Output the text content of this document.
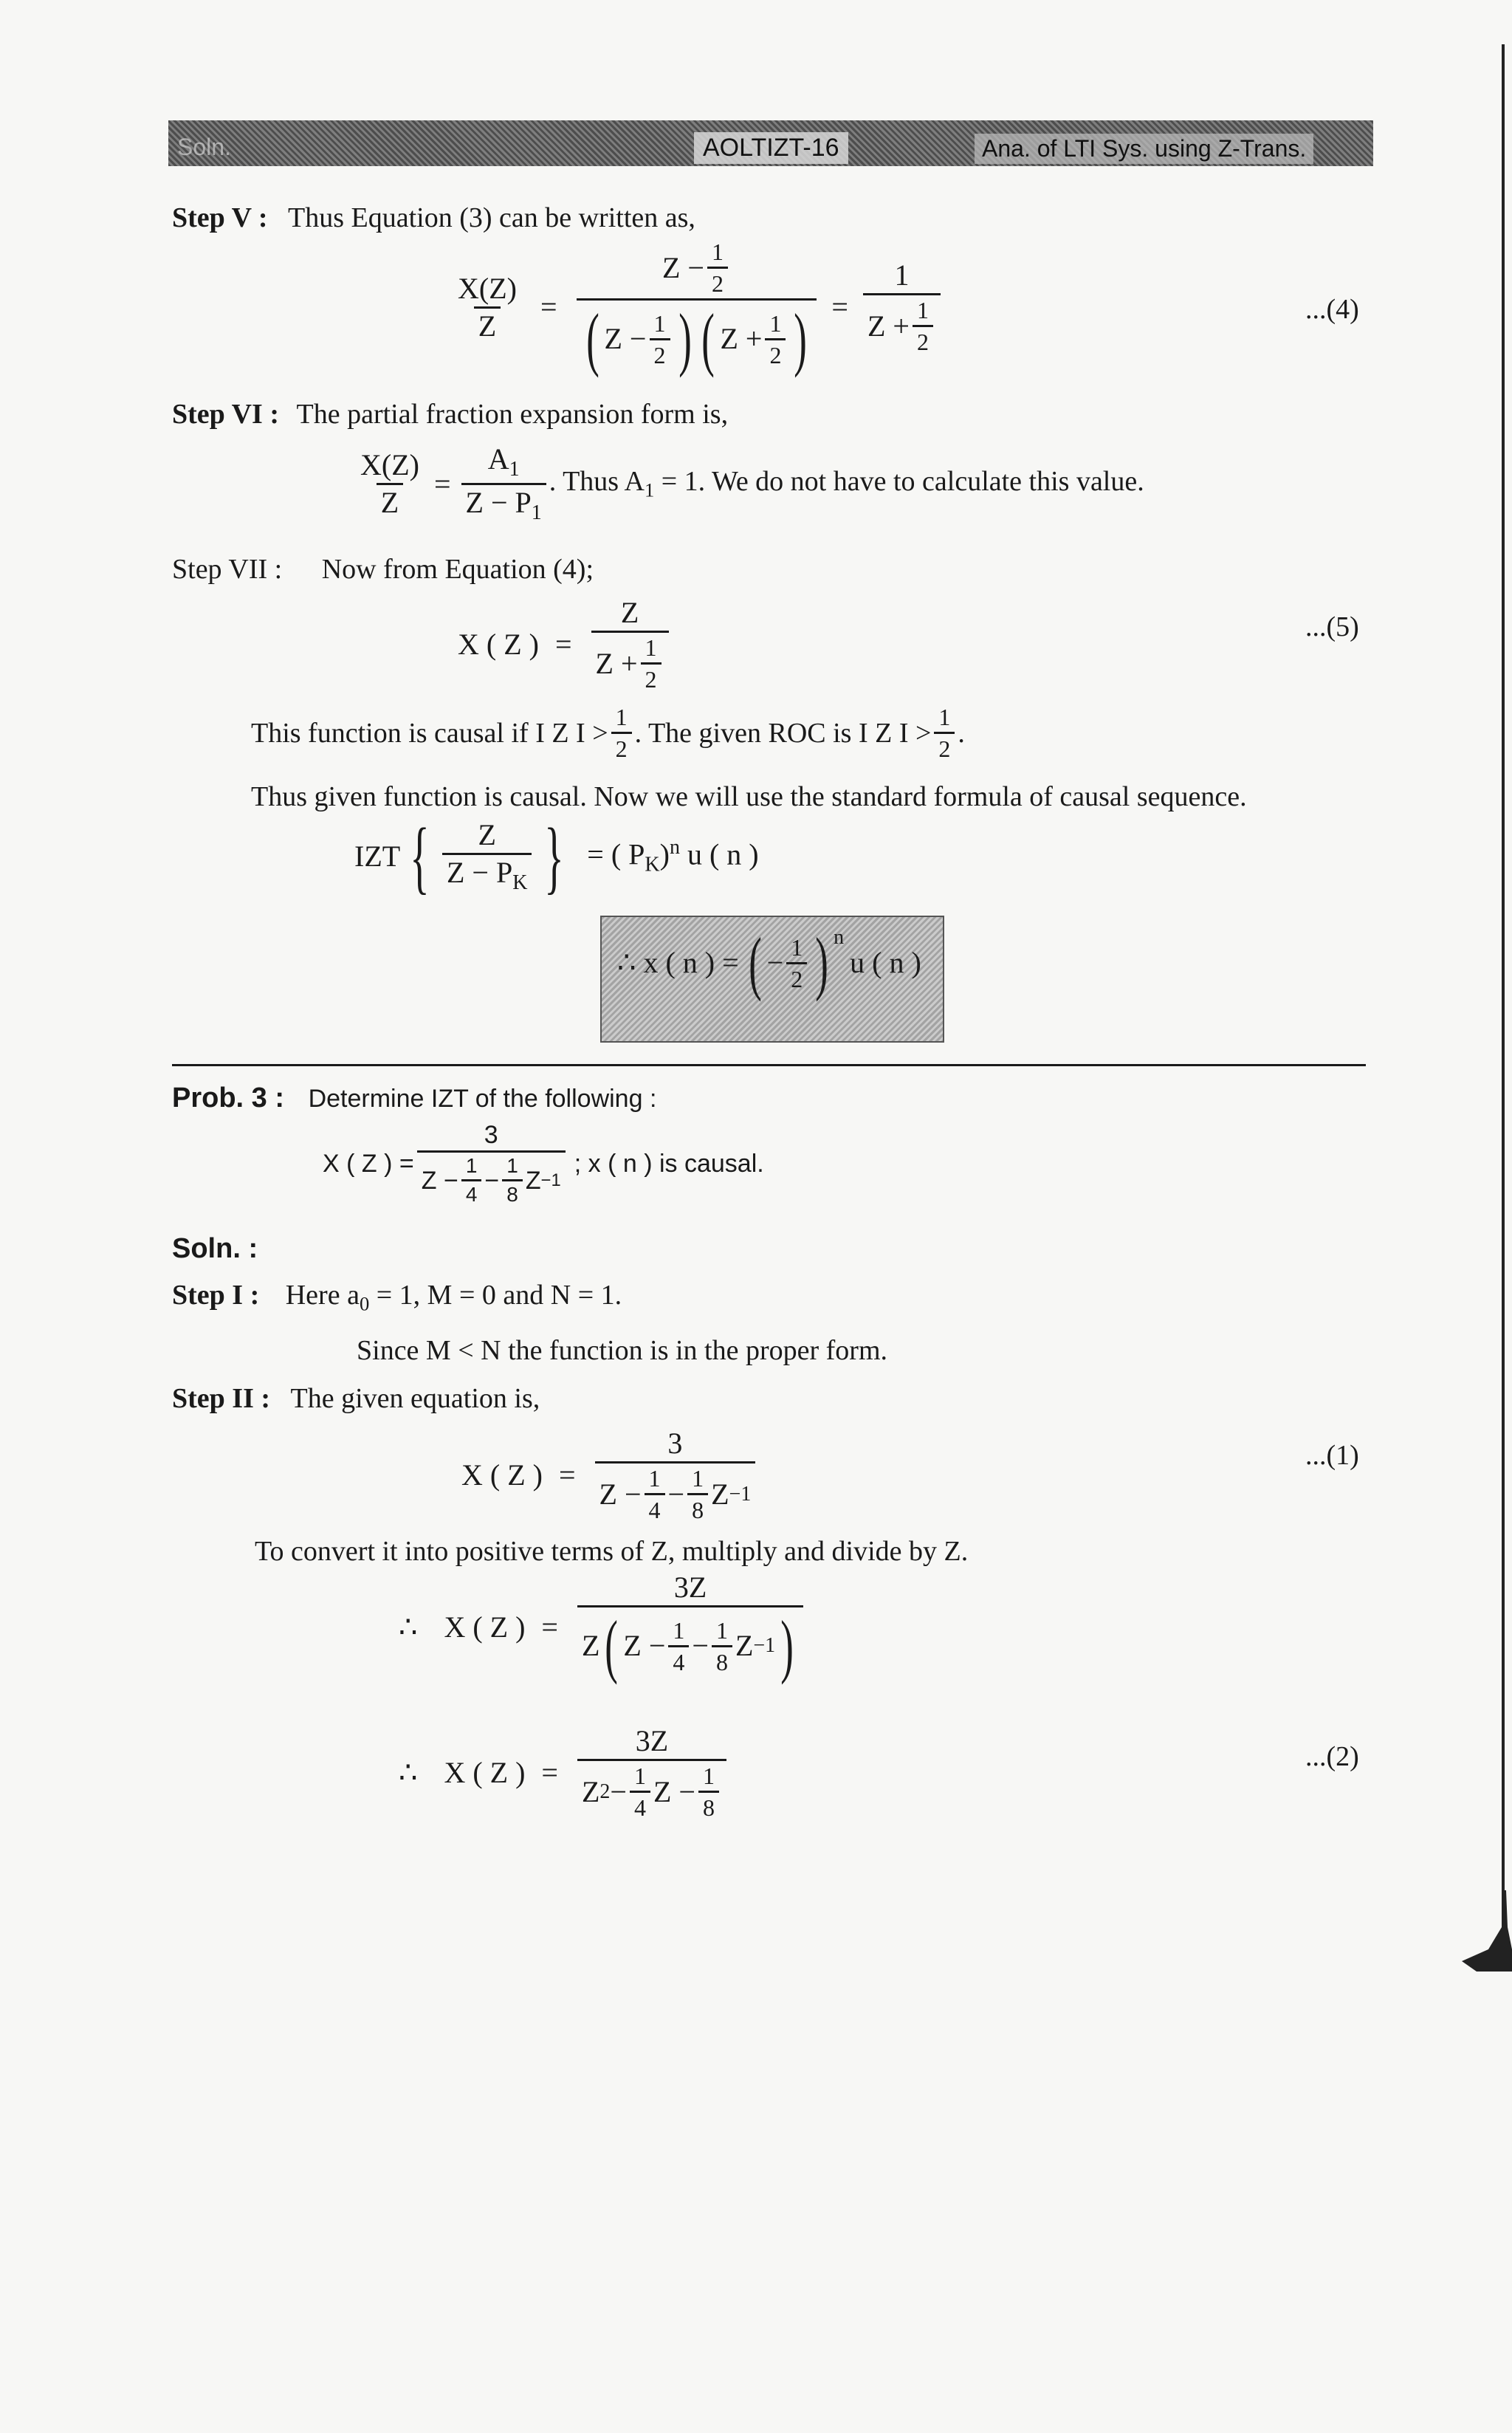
Soln.	AOLTIZT-16	Ana. of LTI Sys. using Z-Trans.
Step V : Thus Equation (3) can be written as,
$\frac{X(Z)}{Z}$ =
$Z - \frac{1}{2}$
( $Z - \frac{1}{2}$ ) ( $Z + \frac{1}{2}$ ) = $\frac{1}{Z + \frac{1}{2}}$	...(4)
Step VI : The partial fraction expansion form is,
$\frac{X(Z)}{Z} = \frac{A_1}{Z - P_1}$ . Thus $A_1 = 1$. We do not have to calculate this value.
Step VII : Now from Equation (4);
X ( Z ) = $\frac{Z}{Z + \frac{1}{2}}$	...(5)
This function is causal if I Z $I > \frac{1}{2}$ . The given ROC is I Z $I > \frac{1}{2}$ .
Thus given function is causal. Now we will use the standard formula of causal sequence.
IZT { $\frac{Z}{Z - P_K}$ } = ( $P_K)^n$ u ( n )
∴ x ( n ) = ( − $\frac{1}{2}$ ) $^n$
u ( n )
Prob. 3 : Determine IZT of the following :
X ( Z ) = $\frac{3}{Z - \frac{1}{4} - \frac{1}{8} Z -1}$ ; x ( n ) is causal.
Soln. :
Step I : Here $a_0 = 1$, M = 0 and N = 1.
Since M < N the function is in the proper form.
Step II : The given equation is,
X ( Z ) = $\frac{3}{Z - \frac{1}{4} - \frac{1}{8} Z -1}$	...(1)
To convert it into positive terms of Z, multiply and divide by Z.
∴ X ( Z ) =
3Z
Z ( $Z - \frac{1}{4} - \frac{1}{8}$ Z −1 )
∴ X ( Z ) = $\frac{3Z}{Z 2 - \frac{1}{4} Z - \frac{1}{8}}$	...(2)
